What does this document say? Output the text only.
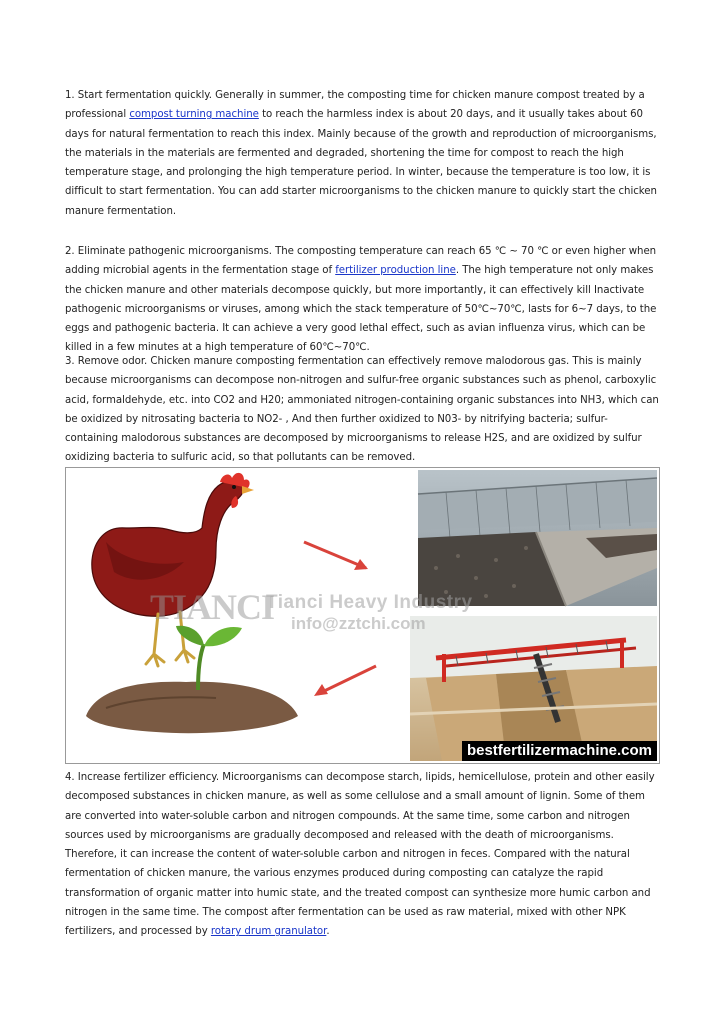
1. Start fermentation quickly. Generally in summer, the composting time for chicken manure compost treated by a professional compost turning machine to reach the harmless index is about 20 days, and it usually takes about 60 days for natural fermentation to reach this index. Mainly because of the growth and reproduction of microorganisms, the materials in the materials are fermented and degraded, shortening the time for compost to reach the high temperature stage, and prolonging the high temperature period. In winter, because the temperature is too low, it is difficult to start fermentation. You can add starter microorganisms to the chicken manure to quickly start the chicken manure fermentation.

2. Eliminate pathogenic microorganisms. The composting temperature can reach 65 ℃ ~ 70 ℃ or even higher when adding microbial agents in the fermentation stage of fertilizer production line. The high temperature not only makes the chicken manure and other materials decompose quickly, but more importantly, it can effectively kill Inactivate pathogenic microorganisms or viruses, among which the stack temperature of 50℃~70℃, lasts for 6~7 days, to the eggs and pathogenic bacteria. It can achieve a very good lethal effect, such as avian influenza virus, which can be killed in a few minutes at a high temperature of 60℃~70℃.

3. Remove odor. Chicken manure composting fermentation can effectively remove malodorous gas. This is mainly because microorganisms can decompose non-nitrogen and sulfur-free organic substances such as phenol, carboxylic acid, formaldehyde, etc. into CO2 and H20; ammoniated nitrogen-containing organic substances into NH3, which can be oxidized by nitrosating bacteria to NO2- , And then further oxidized to N03- by nitrifying bacteria; sulfur-containing malodorous substances are decomposed by microorganisms to release H2S, and are oxidized by sulfur oxidizing bacteria to sulfuric acid, so that pollutants can be removed.

TIANCI
Tianci Heavy Industry
info@zztchi.com
bestfertilizermachine.com

4. Increase fertilizer efficiency. Microorganisms can decompose starch, lipids, hemicellulose, protein and other easily decomposed substances in chicken manure, as well as some cellulose and a small amount of lignin. Some of them are converted into water-soluble carbon and nitrogen compounds. At the same time, some carbon and nitrogen sources used by microorganisms are gradually decomposed and released with the death of microorganisms. Therefore, it can increase the content of water-soluble carbon and nitrogen in feces. Compared with the natural fermentation of chicken manure, the various enzymes produced during composting can catalyze the rapid transformation of organic matter into humic state, and the treated compost can synthesize more humic carbon and nitrogen in the same time. The compost after fermentation can be used as raw material, mixed with other NPK fertilizers, and processed by rotary drum granulator.
